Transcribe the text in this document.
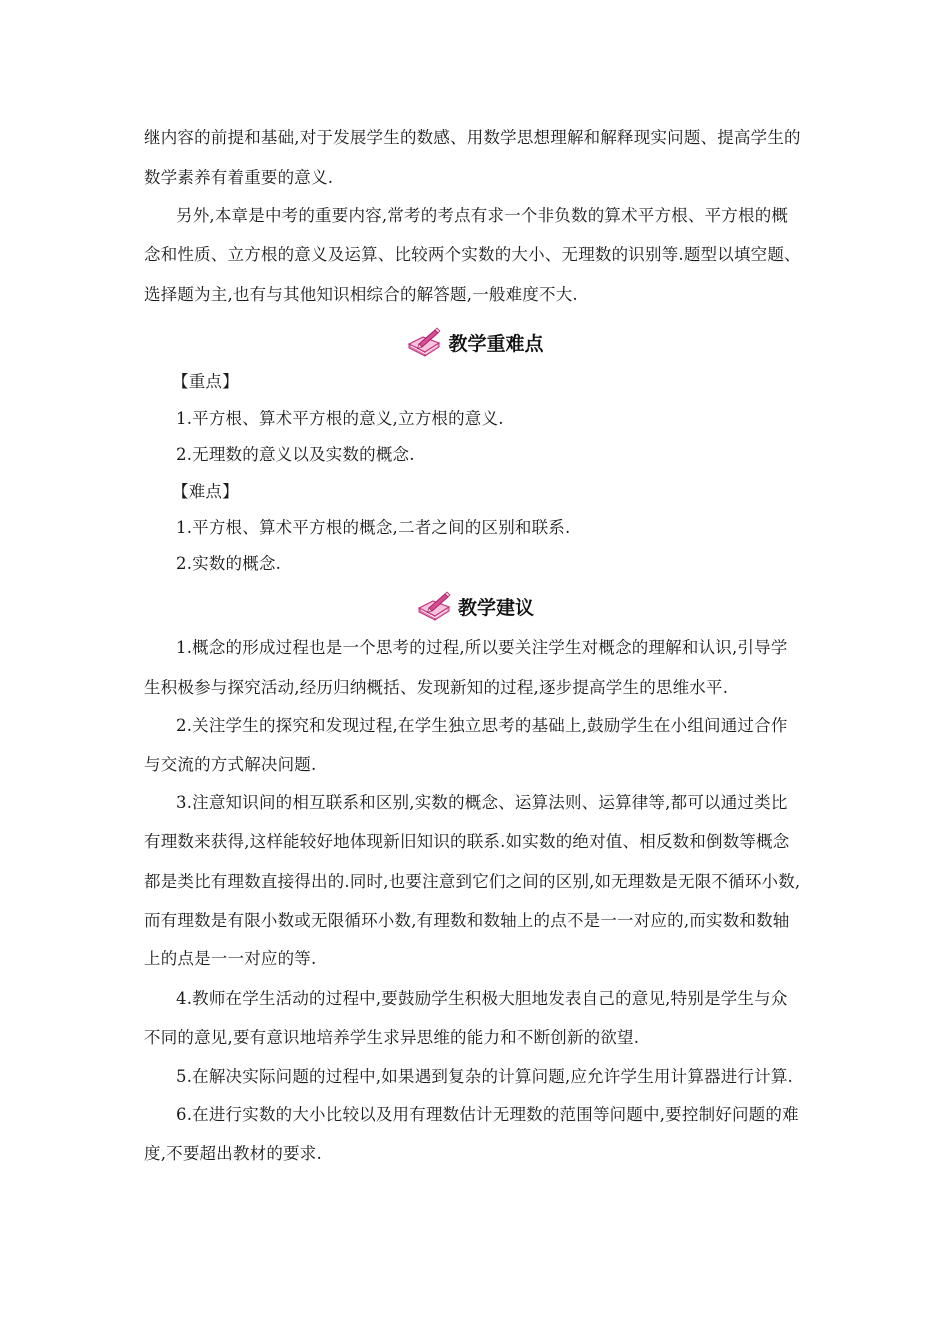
继内容的前提和基础,对于发展学生的数感、用数学思想理解和解释现实问题、提高学生的
数学素养有着重要的意义.
另外,本章是中考的重要内容,常考的考点有求一个非负数的算术平方根、平方根的概
念和性质、立方根的意义及运算、比较两个实数的大小、无理数的识别等.题型以填空题、
选择题为主,也有与其他知识相综合的解答题,一般难度不大.
教学重难点
【重点】
1.平方根、算术平方根的意义,立方根的意义.
2.无理数的意义以及实数的概念.
【难点】
1.平方根、算术平方根的概念,二者之间的区别和联系.
2.实数的概念.
教学建议
1.概念的形成过程也是一个思考的过程,所以要关注学生对概念的理解和认识,引导学
生积极参与探究活动,经历归纳概括、发现新知的过程,逐步提高学生的思维水平.
2.关注学生的探究和发现过程,在学生独立思考的基础上,鼓励学生在小组间通过合作
与交流的方式解决问题.
3.注意知识间的相互联系和区别,实数的概念、运算法则、运算律等,都可以通过类比
有理数来获得,这样能较好地体现新旧知识的联系.如实数的绝对值、相反数和倒数等概念
都是类比有理数直接得出的.同时,也要注意到它们之间的区别,如无理数是无限不循环小数,
而有理数是有限小数或无限循环小数,有理数和数轴上的点不是一一对应的,而实数和数轴
上的点是一一对应的等.
4.教师在学生活动的过程中,要鼓励学生积极大胆地发表自己的意见,特别是学生与众
不同的意见,要有意识地培养学生求异思维的能力和不断创新的欲望.
5.在解决实际问题的过程中,如果遇到复杂的计算问题,应允许学生用计算器进行计算.
6.在进行实数的大小比较以及用有理数估计无理数的范围等问题中,要控制好问题的难
度,不要超出教材的要求.
